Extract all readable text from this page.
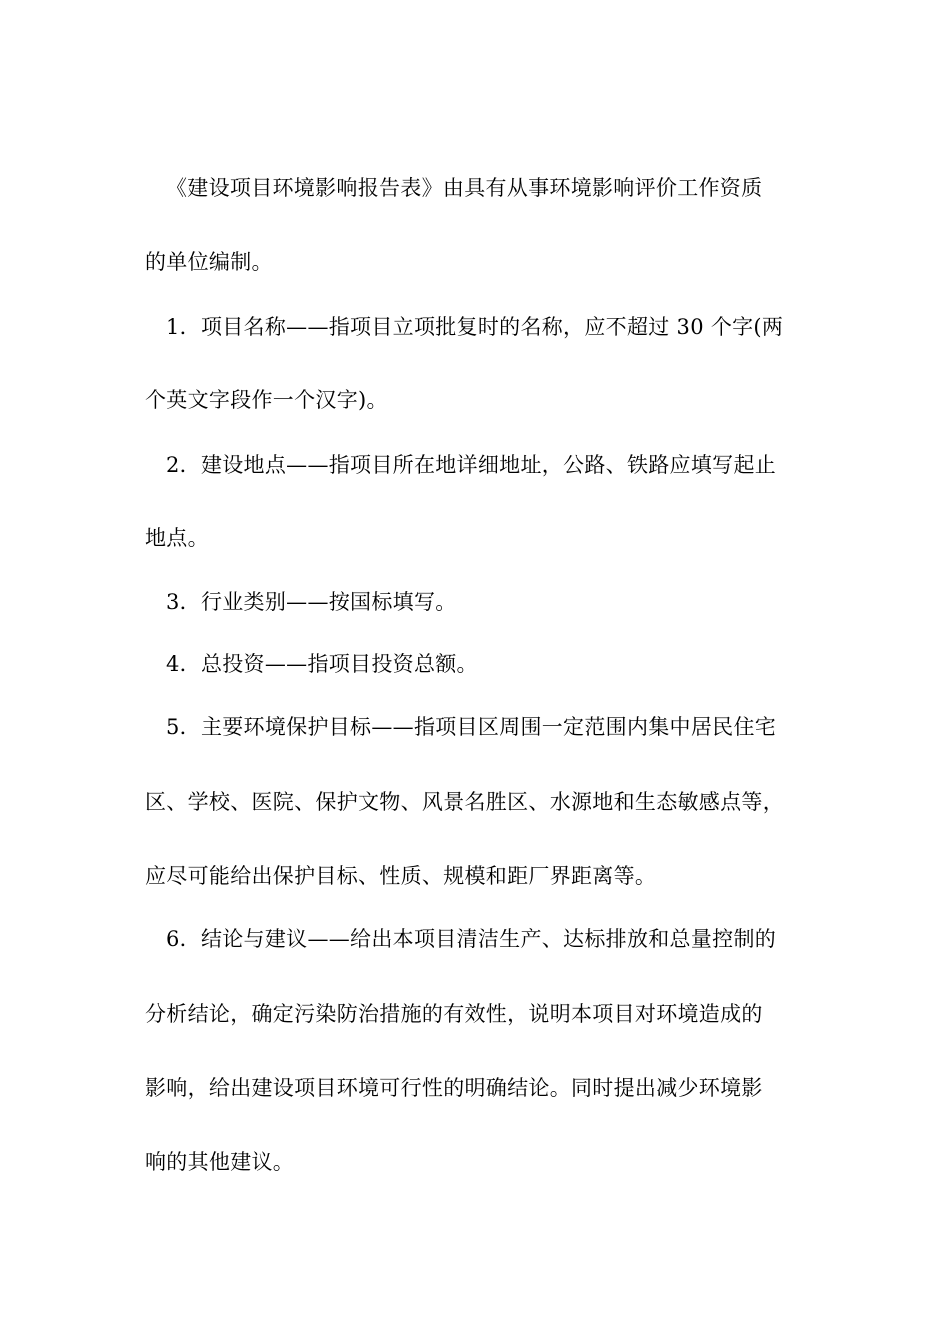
《建设项目环境影响报告表》由具有从事环境影响评价工作资质
的单位编制。
1．项目名称——指项目立项批复时的名称，应不超过 30 个字(两
个英文字段作一个汉字)。
2．建设地点——指项目所在地详细地址，公路、铁路应填写起止
地点。
3．行业类别——按国标填写。
4．总投资——指项目投资总额。
5．主要环境保护目标——指项目区周围一定范围内集中居民住宅
区、学校、医院、保护文物、风景名胜区、水源地和生态敏感点等，
应尽可能给出保护目标、性质、规模和距厂界距离等。
6．结论与建议——给出本项目清洁生产、达标排放和总量控制的
分析结论，确定污染防治措施的有效性，说明本项目对环境造成的
影响，给出建设项目环境可行性的明确结论。同时提出减少环境影
响的其他建议。
